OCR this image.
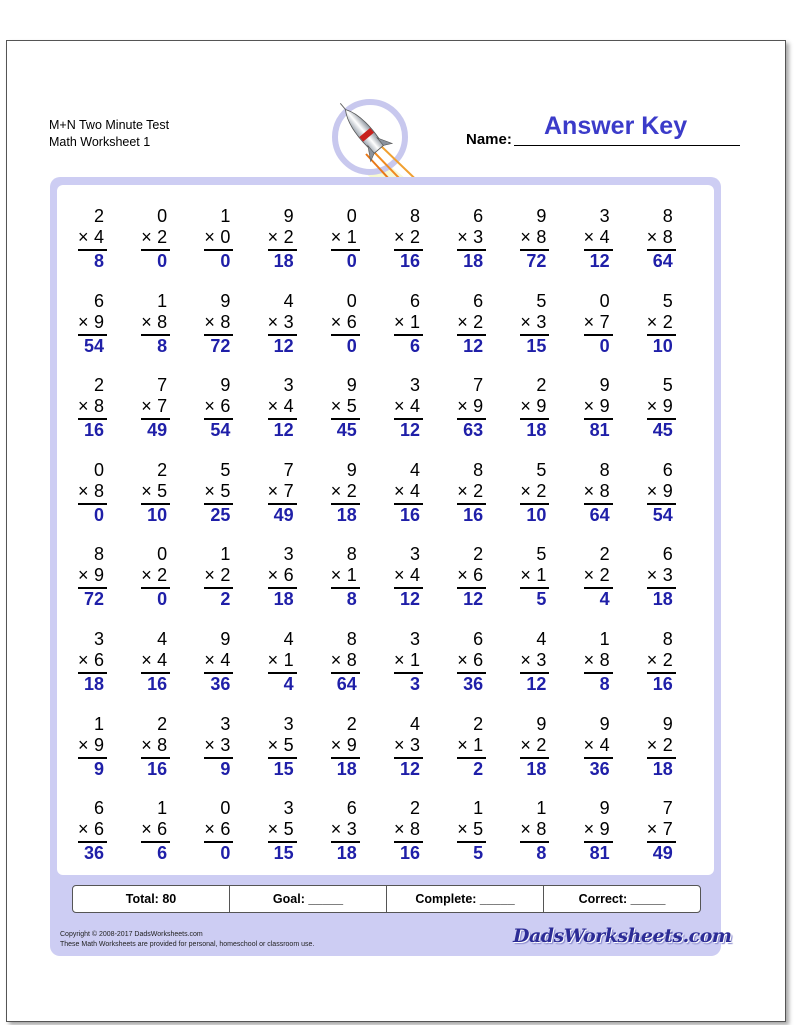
M+N Two Minute Test
Math Worksheet 1	Name: Answer Key
2
× 4
8
0
× 2
0
1
× 0
0
9
× 2
18
0
× 1
0
8
× 2
16
6
× 3
18
9
× 8
72
3
× 4
12
8
× 8
64
6
× 9
54
1
× 8
8
9
× 8
72
4
× 3
12
0
× 6
0
6
× 1
6
6
× 2
12
5
× 3
15
0
× 7
0
5
× 2
10
2
× 8
16
7
× 7
49
9
× 6
54
3
× 4
12
9
× 5
45
3
× 4
12
7
× 9
63
2
× 9
18
9
× 9
81
5
× 9
45
0
× 8
0
2
× 5
10
5
× 5
25
7
× 7
49
9
× 2
18
4
× 4
16
8
× 2
16
5
× 2
10
8
× 8
64
6
× 9
54
8
× 9
72
0
× 2
0
1
× 2
2
3
× 6
18
8
× 1
8
3
× 4
12
2
× 6
12
5
× 1
5
2
× 2
4
6
× 3
18
3
× 6
18
4
× 4
16
9
× 4
36
4
× 1
4
8
× 8
64
3
× 1
3
6
× 6
36
4
× 3
12
1
× 8
8
8
× 2
16
1
× 9
9
2
× 8
16
3
× 3
9
3
× 5
15
2
× 9
18
4
× 3
12
2
× 1
2
9
× 2
18
9
× 4
36
9
× 2
18
6
× 6
36
1
× 6
6
0
× 6
0
3
× 5
15
6
× 3
18
2
× 8
16
1
× 5
5
1
× 8
8
9
× 9
81
7
× 7
49
Total: 80	Goal: _____	Complete: _____	Correct: _____
Copyright © 2008-2017 DadsWorksheets.com
These Math Worksheets are provided for personal, homeschool or classroom use.	DadsWorksheets.com
